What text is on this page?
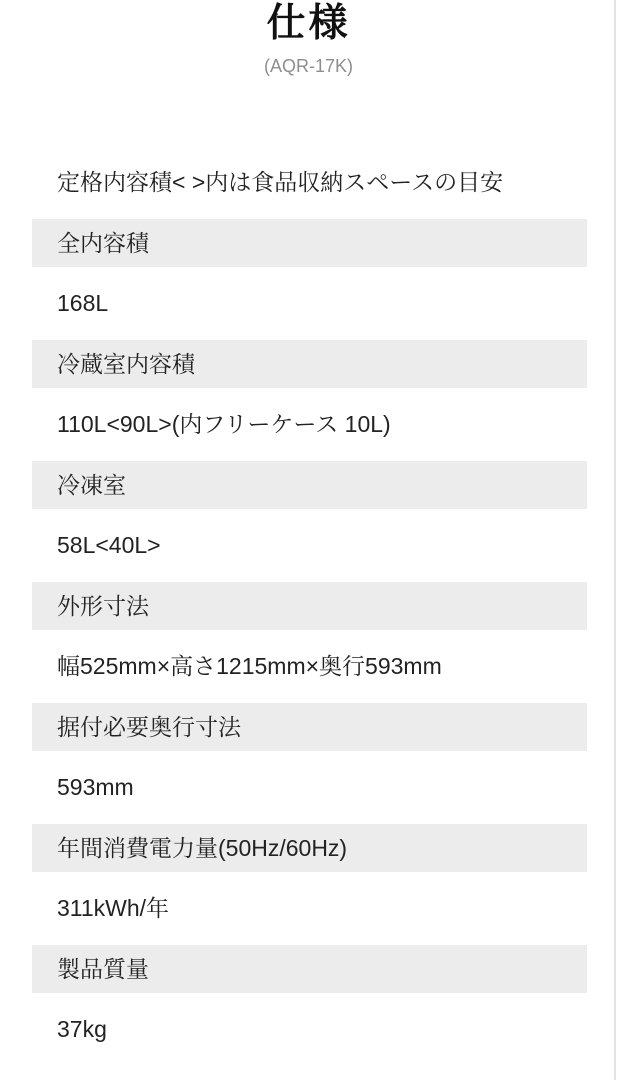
仕様
(AQR-17K)

定格内容積< >内は食品収納スペースの目安

全内容積
168L
冷蔵室内容積
110L<90L>(内フリーケース 10L)
冷凍室
58L<40L>
外形寸法
幅525mm×高さ1215mm×奥行593mm
据付必要奥行寸法
593mm
年間消費電力量(50Hz/60Hz)
311kWh/年
製品質量
37kg
